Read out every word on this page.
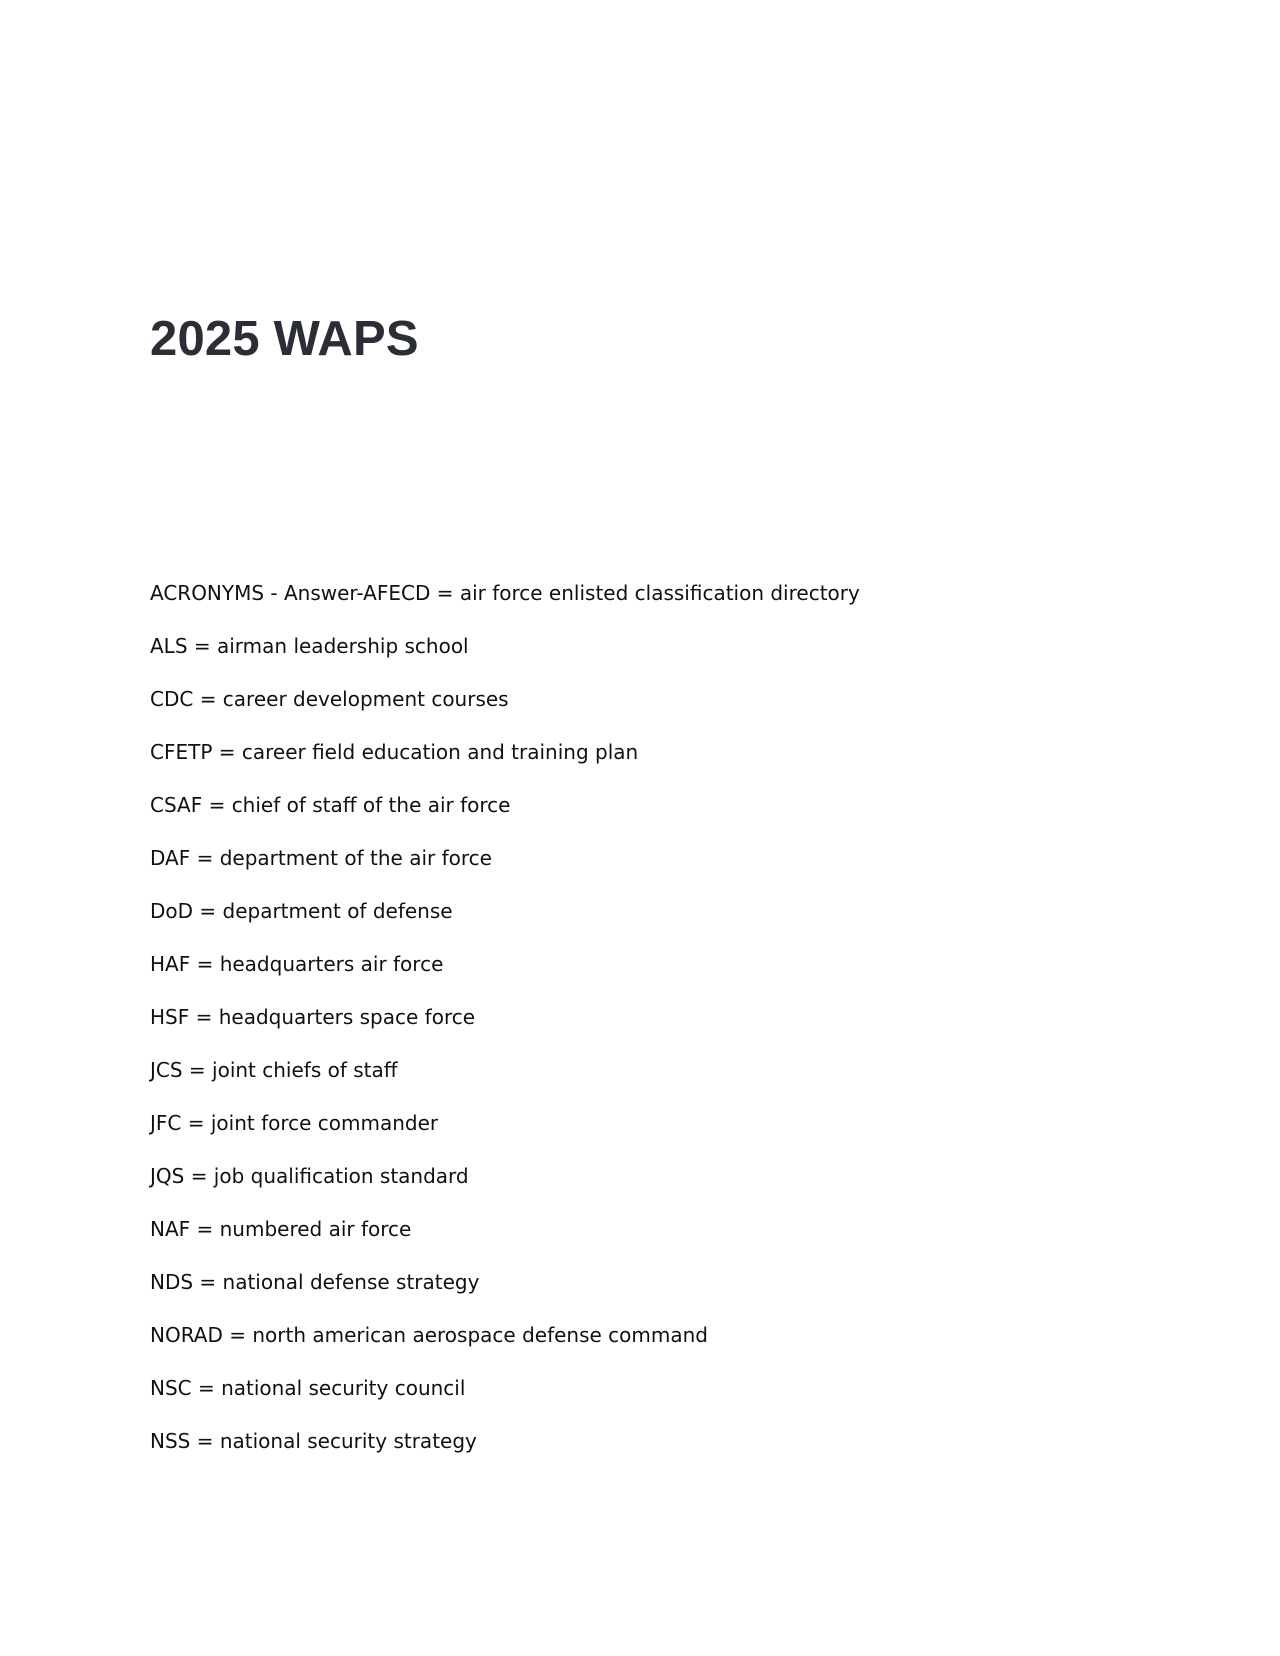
2025 WAPS
ACRONYMS - Answer-AFECD = air force enlisted classification directory
ALS = airman leadership school
CDC = career development courses
CFETP = career field education and training plan
CSAF = chief of staff of the air force
DAF = department of the air force
DoD = department of defense
HAF = headquarters air force
HSF = headquarters space force
JCS = joint chiefs of staff
JFC = joint force commander
JQS = job qualification standard
NAF = numbered air force
NDS = national defense strategy
NORAD = north american aerospace defense command
NSC = national security council
NSS = national security strategy
